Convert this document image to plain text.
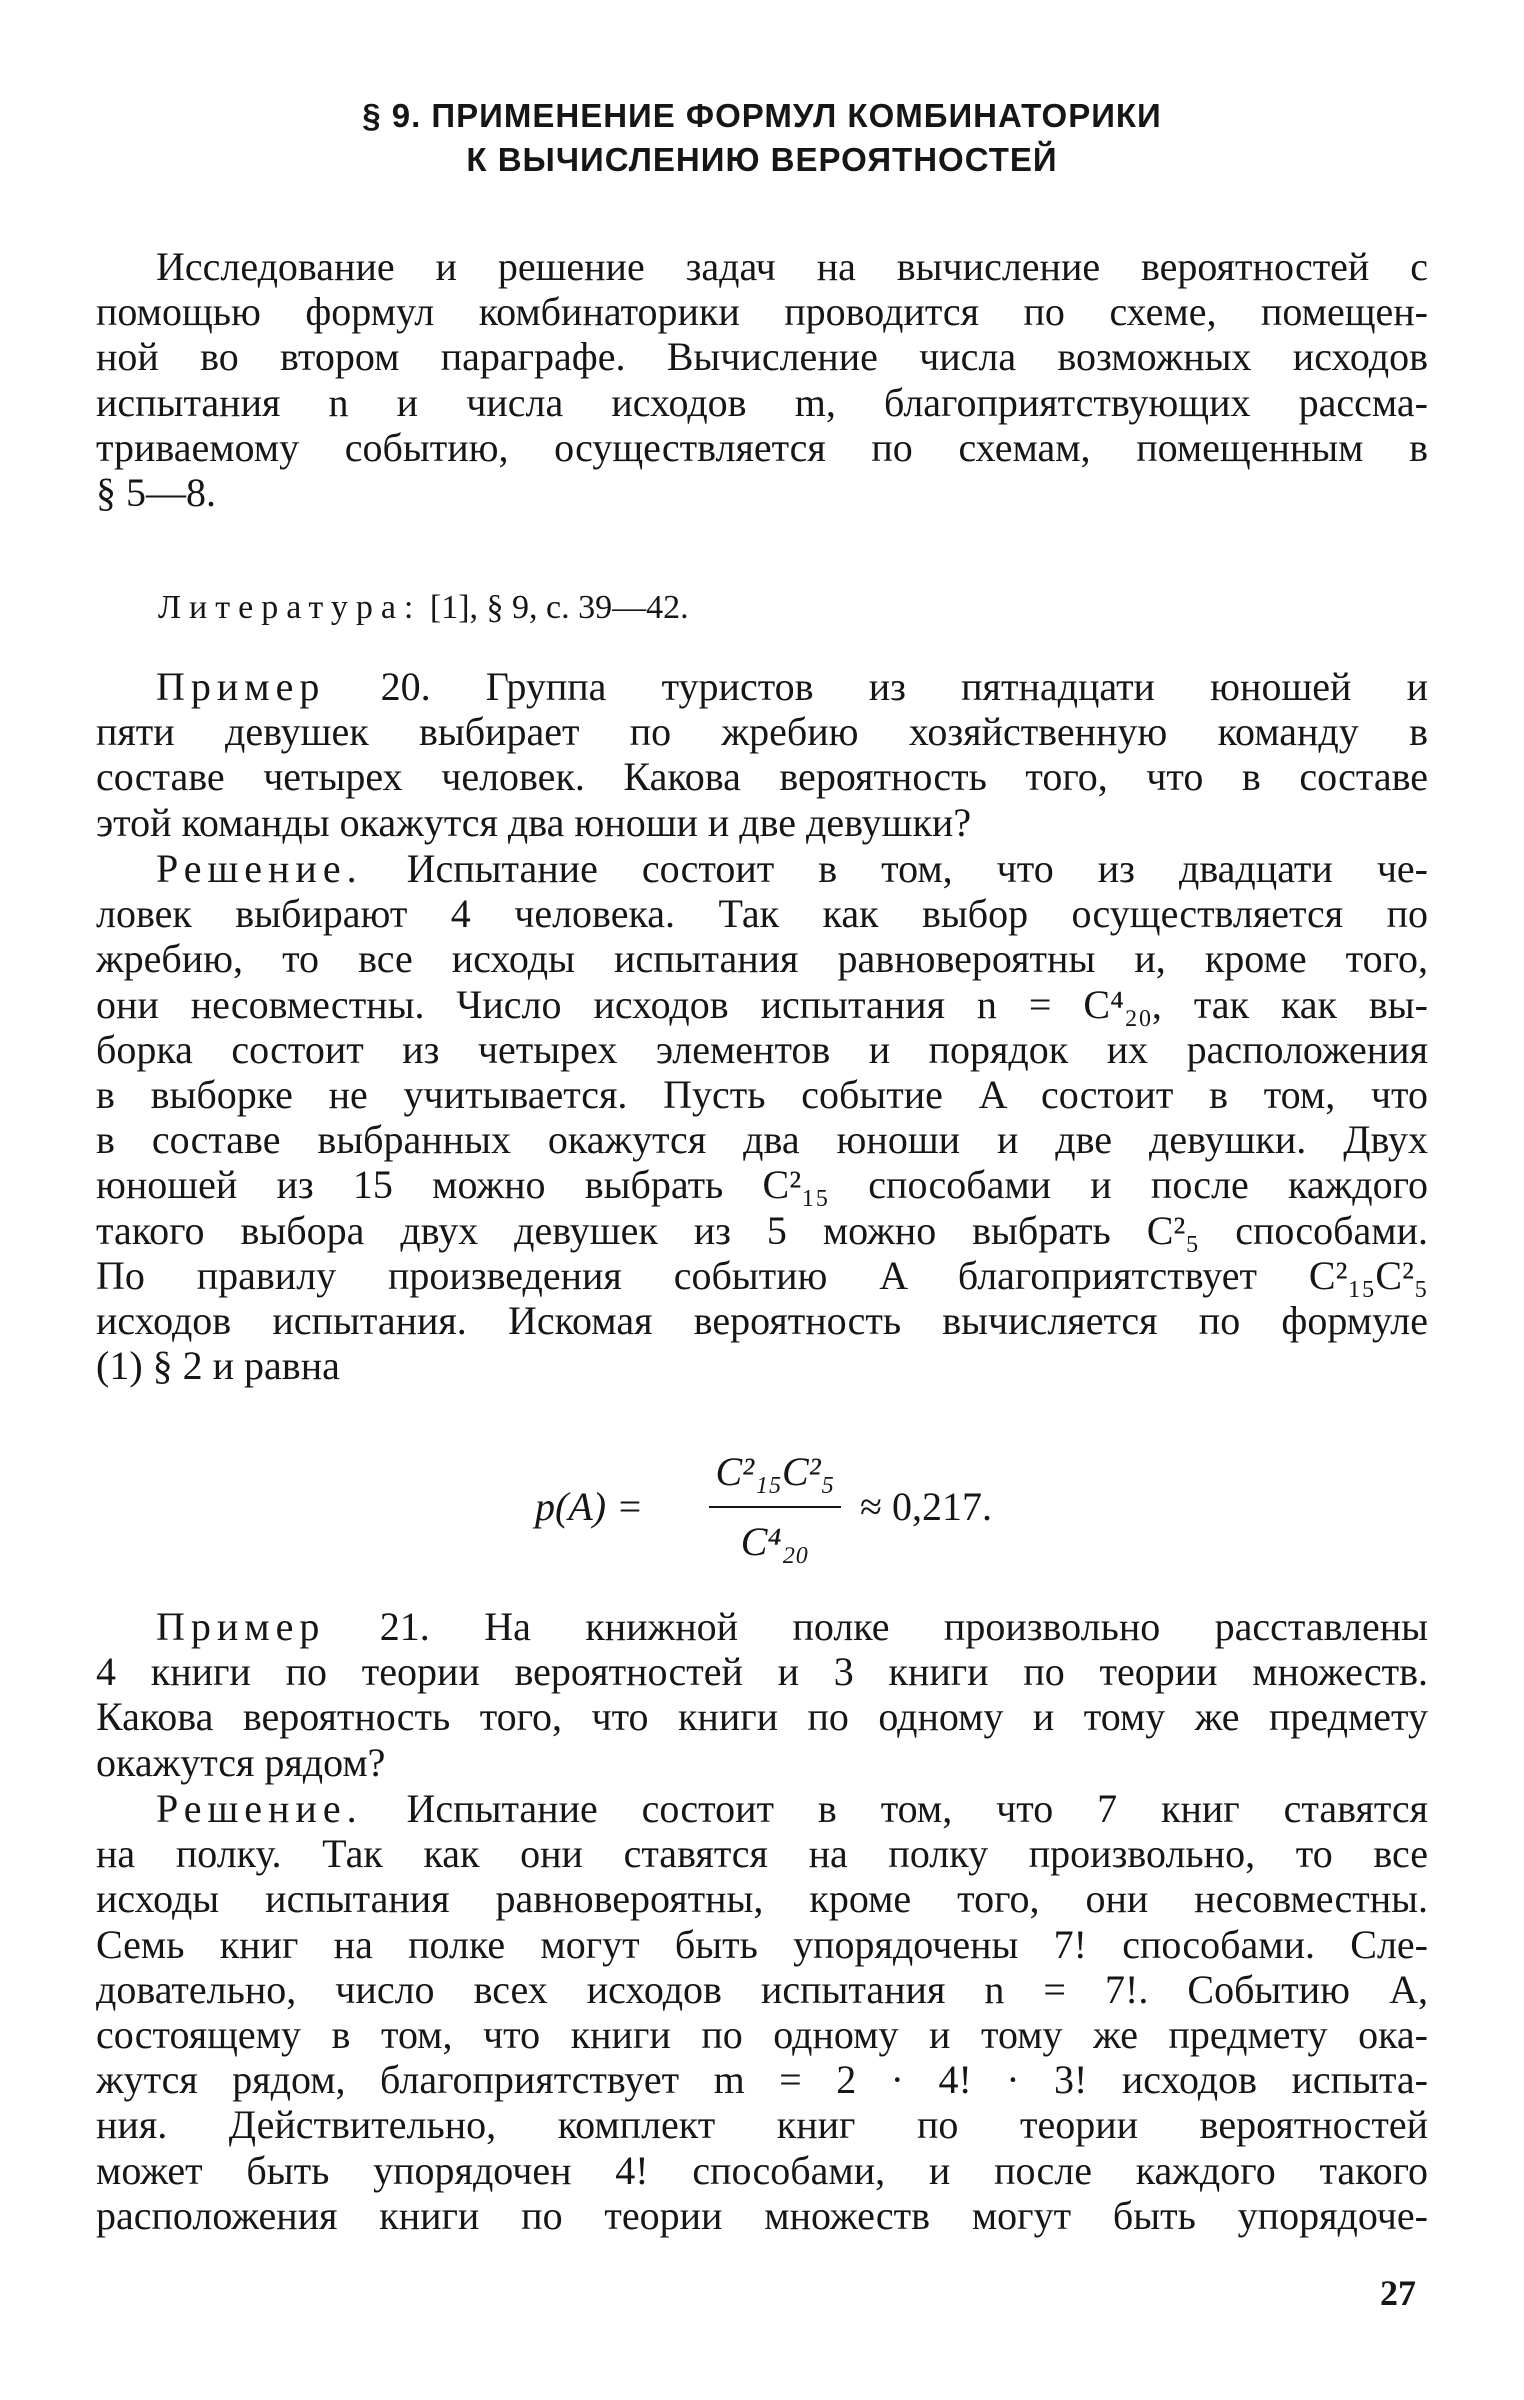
§ 9. ПРИМЕНЕНИЕ ФОРМУЛ КОМБИНАТОРИКИ
К ВЫЧИСЛЕНИЮ ВЕРОЯТНОСТЕЙ
Исследование и решение задач на вычисление вероятностей с
помощью формул комбинаторики проводится по схеме, помещен-
ной во втором параграфе. Вычисление числа возможных исходов
испытания n и числа исходов m, благоприятствующих рассма-
триваемому событию, осуществляется по схемам, помещенным в
§ 5—8.
Литература: [1], § 9, с. 39—42.
Пример 20. Группа туристов из пятнадцати юношей и
пяти девушек выбирает по жребию хозяйственную команду в
составе четырех человек. Какова вероятность того, что в составе
этой команды окажутся два юноши и две девушки?
Решение. Испытание состоит в том, что из двадцати че-
ловек выбирают 4 человека. Так как выбор осуществляется по
жребию, то все исходы испытания равновероятны и, кроме того,
они несовместны. Число исходов испытания n = C⁴₂₀, так как вы-
борка состоит из четырех элементов и порядок их расположения
в выборке не учитывается. Пусть событие A состоит в том, что
в составе выбранных окажутся два юноши и две девушки. Двух
юношей из 15 можно выбрать C²₁₅ способами и после каждого
такого выбора двух девушек из 5 можно выбрать C²₅ способами.
По правилу произведения событию A благоприятствует C²₁₅C²₅
исходов испытания. Искомая вероятность вычисляется по формуле
(1) § 2 и равна
p(A) =
C²₁₅C²₅
C⁴₂₀
≈ 0,217.
Пример 21. На книжной полке произвольно расставлены
4 книги по теории вероятностей и 3 книги по теории множеств.
Какова вероятность того, что книги по одному и тому же предмету
окажутся рядом?
Решение. Испытание состоит в том, что 7 книг ставятся
на полку. Так как они ставятся на полку произвольно, то все
исходы испытания равновероятны, кроме того, они несовместны.
Семь книг на полке могут быть упорядочены 7! способами. Сле-
довательно, число всех исходов испытания n = 7!. Событию A,
состоящему в том, что книги по одному и тому же предмету ока-
жутся рядом, благоприятствует m = 2 · 4! · 3! исходов испыта-
ния. Действительно, комплект книг по теории вероятностей
может быть упорядочен 4! способами, и после каждого такого
расположения книги по теории множеств могут быть упорядоче-
27
